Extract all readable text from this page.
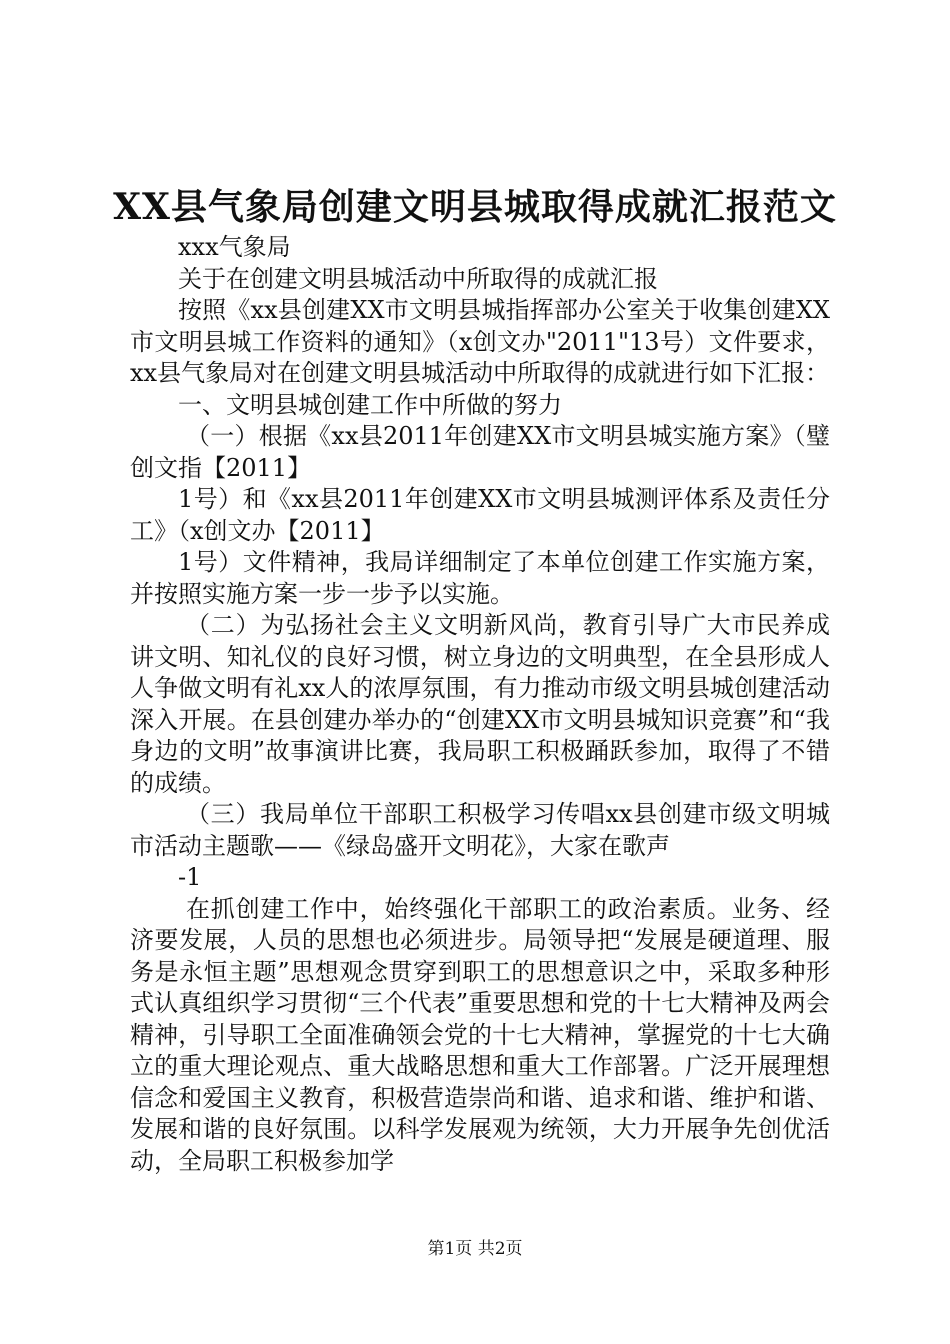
XX县气象局创建文明县城取得成就汇报范文

xxx气象局

关于在创建文明县城活动中所取得的成就汇报

按照《xx县创建XX市文明县城指挥部办公室关于收集创建XX市文明县城工作资料的通知》（x创文办"2011"13号）文件要求，xx县气象局对在创建文明县城活动中所取得的成就进行如下汇报：

一、文明县城创建工作中所做的努力

（一）根据《xx县2011年创建XX市文明县城实施方案》（璧创文指【2011】

1号）和《xx县2011年创建XX市文明县城测评体系及责任分工》（x创文办【2011】

1号）文件精神，我局详细制定了本单位创建工作实施方案，并按照实施方案一步一步予以实施。

（二）为弘扬社会主义文明新风尚，教育引导广大市民养成讲文明、知礼仪的良好习惯，树立身边的文明典型，在全县形成人人争做文明有礼xx人的浓厚氛围，有力推动市级文明县城创建活动深入开展。在县创建办举办的“创建XX市文明县城知识竞赛”和“我身边的文明”故事演讲比赛，我局职工积极踊跃参加，取得了不错的成绩。

（三）我局单位干部职工积极学习传唱xx县创建市级文明城市活动主题歌——《绿岛盛开文明花》，大家在歌声

-1

在抓创建工作中，始终强化干部职工的政治素质。业务、经济要发展，人员的思想也必须进步。局领导把“发展是硬道理、服务是永恒主题”思想观念贯穿到职工的思想意识之中，采取多种形式认真组织学习贯彻“三个代表”重要思想和党的十七大精神及两会精神，引导职工全面准确领会党的十七大精神，掌握党的十七大确立的重大理论观点、重大战略思想和重大工作部署。广泛开展理想信念和爱国主义教育，积极营造崇尚和谐、追求和谐、维护和谐、发展和谐的良好氛围。以科学发展观为统领，大力开展争先创优活动，全局职工积极参加学

第1页 共2页
